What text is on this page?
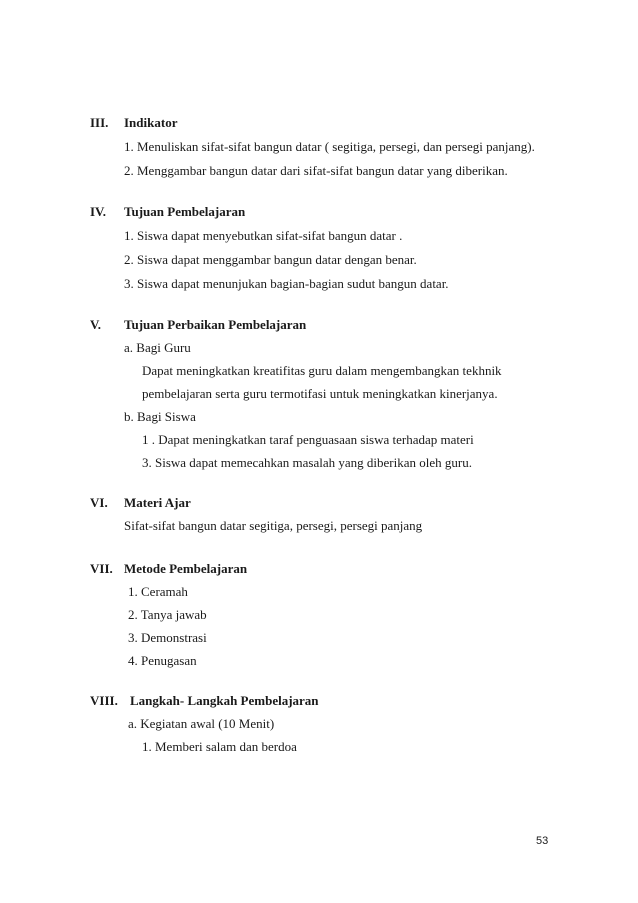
III. Indikator
1. Menuliskan sifat-sifat bangun datar ( segitiga, persegi, dan persegi panjang).
2. Menggambar bangun datar dari sifat-sifat bangun datar yang diberikan.
IV. Tujuan Pembelajaran
1. Siswa dapat menyebutkan sifat-sifat bangun datar .
2. Siswa dapat menggambar bangun datar dengan benar.
3. Siswa dapat menunjukan bagian-bagian sudut bangun datar.
V. Tujuan Perbaikan Pembelajaran
a. Bagi Guru
Dapat meningkatkan kreatifitas guru dalam mengembangkan tekhnik
pembelajaran serta guru termotifasi untuk meningkatkan kinerjanya.
b. Bagi Siswa
1 . Dapat meningkatkan taraf penguasaan siswa terhadap materi
3. Siswa dapat memecahkan masalah yang diberikan oleh guru.
VI. Materi Ajar
Sifat-sifat bangun datar segitiga, persegi, persegi panjang
VII. Metode Pembelajaran
1. Ceramah
2. Tanya jawab
3. Demonstrasi
4. Penugasan
VIII. Langkah- Langkah Pembelajaran
a. Kegiatan awal (10 Menit)
1. Memberi salam dan berdoa
53
